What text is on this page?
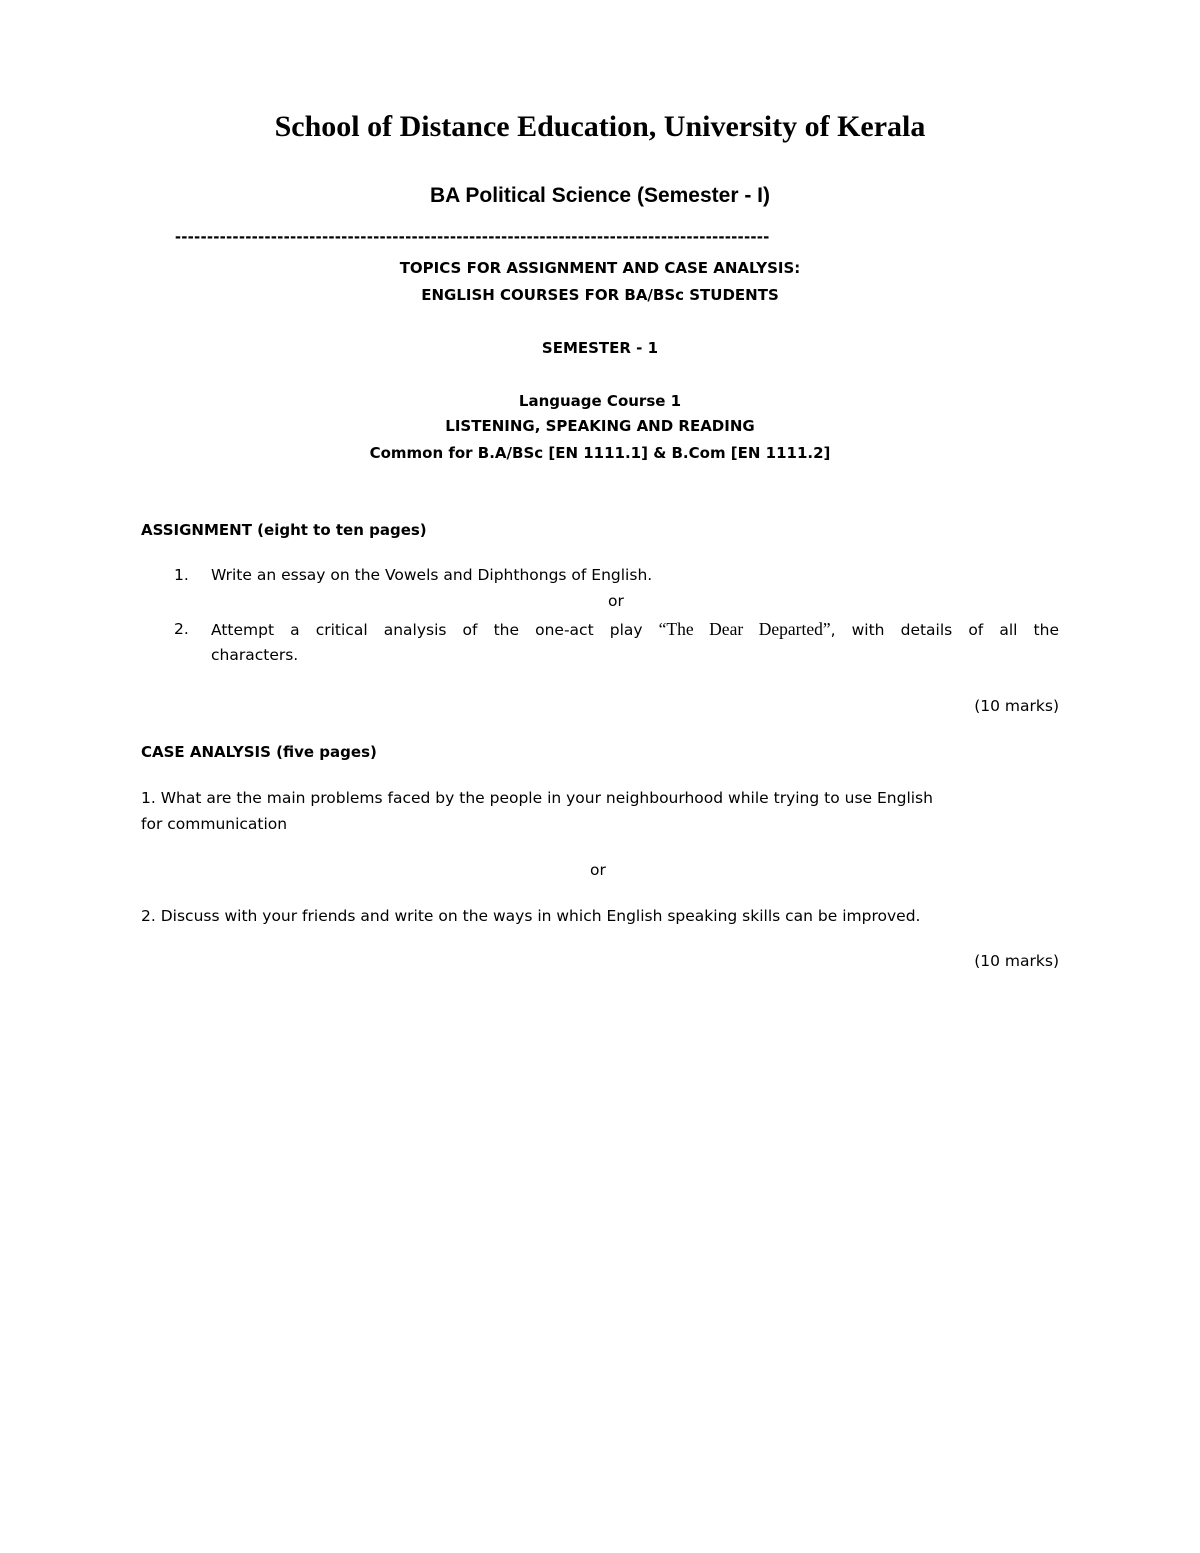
School of Distance Education, University of Kerala
BA Political Science (Semester - I)
---------------------------------------------------------------------------------------------
TOPICS FOR ASSIGNMENT AND CASE ANALYSIS:
ENGLISH COURSES FOR BA/BSc STUDENTS
SEMESTER - 1
Language Course 1
LISTENING, SPEAKING AND READING
Common for B.A/BSc [EN 1111.1] & B.Com [EN 1111.2]
ASSIGNMENT (eight to ten pages)
1. Write an essay on the Vowels and Diphthongs of English.
or
2. Attempt a critical analysis of the one-act play “The Dear Departed”, with details of all the
characters.
(10 marks)
CASE ANALYSIS (five pages)
1. What are the main problems faced by the people in your neighbourhood while trying to use English
for communication
or
2. Discuss with your friends and write on the ways in which English speaking skills can be improved.
(10 marks)
